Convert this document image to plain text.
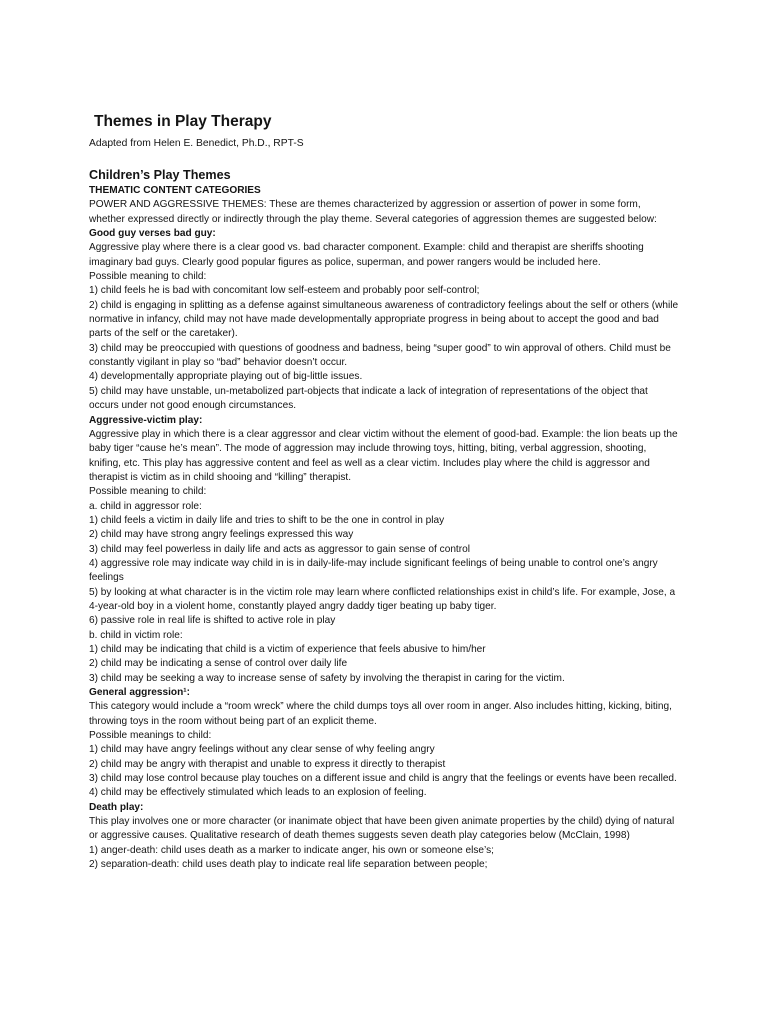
Themes in Play Therapy
Adapted from Helen E. Benedict, Ph.D., RPT-S
Children’s Play Themes

THEMATIC CONTENT CATEGORIES

POWER AND AGGRESSIVE THEMES: These are themes characterized by aggression or assertion of power in some form, whether expressed directly or indirectly through the play theme. Several categories of aggression themes are suggested below:

Good guy verses bad guy:

Aggressive play where there is a clear good vs. bad character component. Example: child and therapist are sheriffs shooting imaginary bad guys. Clearly good popular figures as police, superman, and power rangers would be included here.

Possible meaning to child:

1) child feels he is bad with concomitant low self-esteem and probably poor self-control;

2) child is engaging in splitting as a defense against simultaneous awareness of contradictory feelings about the self or others (while normative in infancy, child may not have made developmentally appropriate progress in being about to accept the good and bad parts of the self or the caretaker).

3) child may be preoccupied with questions of goodness and badness, being “super good” to win approval of others. Child must be constantly vigilant in play so “bad” behavior doesn’t occur.

4) developmentally appropriate playing out of big-little issues.

5) child may have unstable, un-metabolized part-objects that indicate a lack of integration of representations of the object that occurs under not good enough circumstances.

Aggressive-victim play:

Aggressive play in which there is a clear aggressor and clear victim without the element of good-bad. Example: the lion beats up the baby tiger “cause he’s mean”. The mode of aggression may include throwing toys, hitting, biting, verbal aggression, shooting, knifing, etc. This play has aggressive content and feel as well as a clear victim. Includes play where the child is aggressor and therapist is victim as in child shooing and “killing” therapist.

Possible meaning to child:

a. child in aggressor role:

1) child feels a victim in daily life and tries to shift to be the one in control in play

2) child may have strong angry feelings expressed this way

3) child may feel powerless in daily life and acts as aggressor to gain sense of control

4) aggressive role may indicate way child in is in daily-life-may include significant feelings of being unable to control one’s angry feelings

5) by looking at what character is in the victim role may learn where conflicted relationships exist in child’s life. For example, Jose, a 4-year-old boy in a violent home, constantly played angry daddy tiger beating up baby tiger.

6) passive role in real life is shifted to active role in play

b. child in victim role:

1) child may be indicating that child is a victim of experience that feels abusive to him/her

2) child may be indicating a sense of control over daily life

3) child may be seeking a way to increase sense of safety by involving the therapist in caring for the victim.

General aggression¹:

This category would include a “room wreck” where the child dumps toys all over room in anger. Also includes hitting, kicking, biting, throwing toys in the room without being part of an explicit theme.

Possible meanings to child:

1) child may have angry feelings without any clear sense of why feeling angry

2) child may be angry with therapist and unable to express it directly to therapist

3) child may lose control because play touches on a different issue and child is angry that the feelings or events have been recalled.

4) child may be effectively stimulated which leads to an explosion of feeling.

Death play:

This play involves one or more character (or inanimate object that have been given animate properties by the child) dying of natural or aggressive causes. Qualitative research of death themes suggests seven death play categories below (McClain, 1998)

1) anger-death: child uses death as a marker to indicate anger, his own or someone else’s;

2) separation-death: child uses death play to indicate real life separation between people;
